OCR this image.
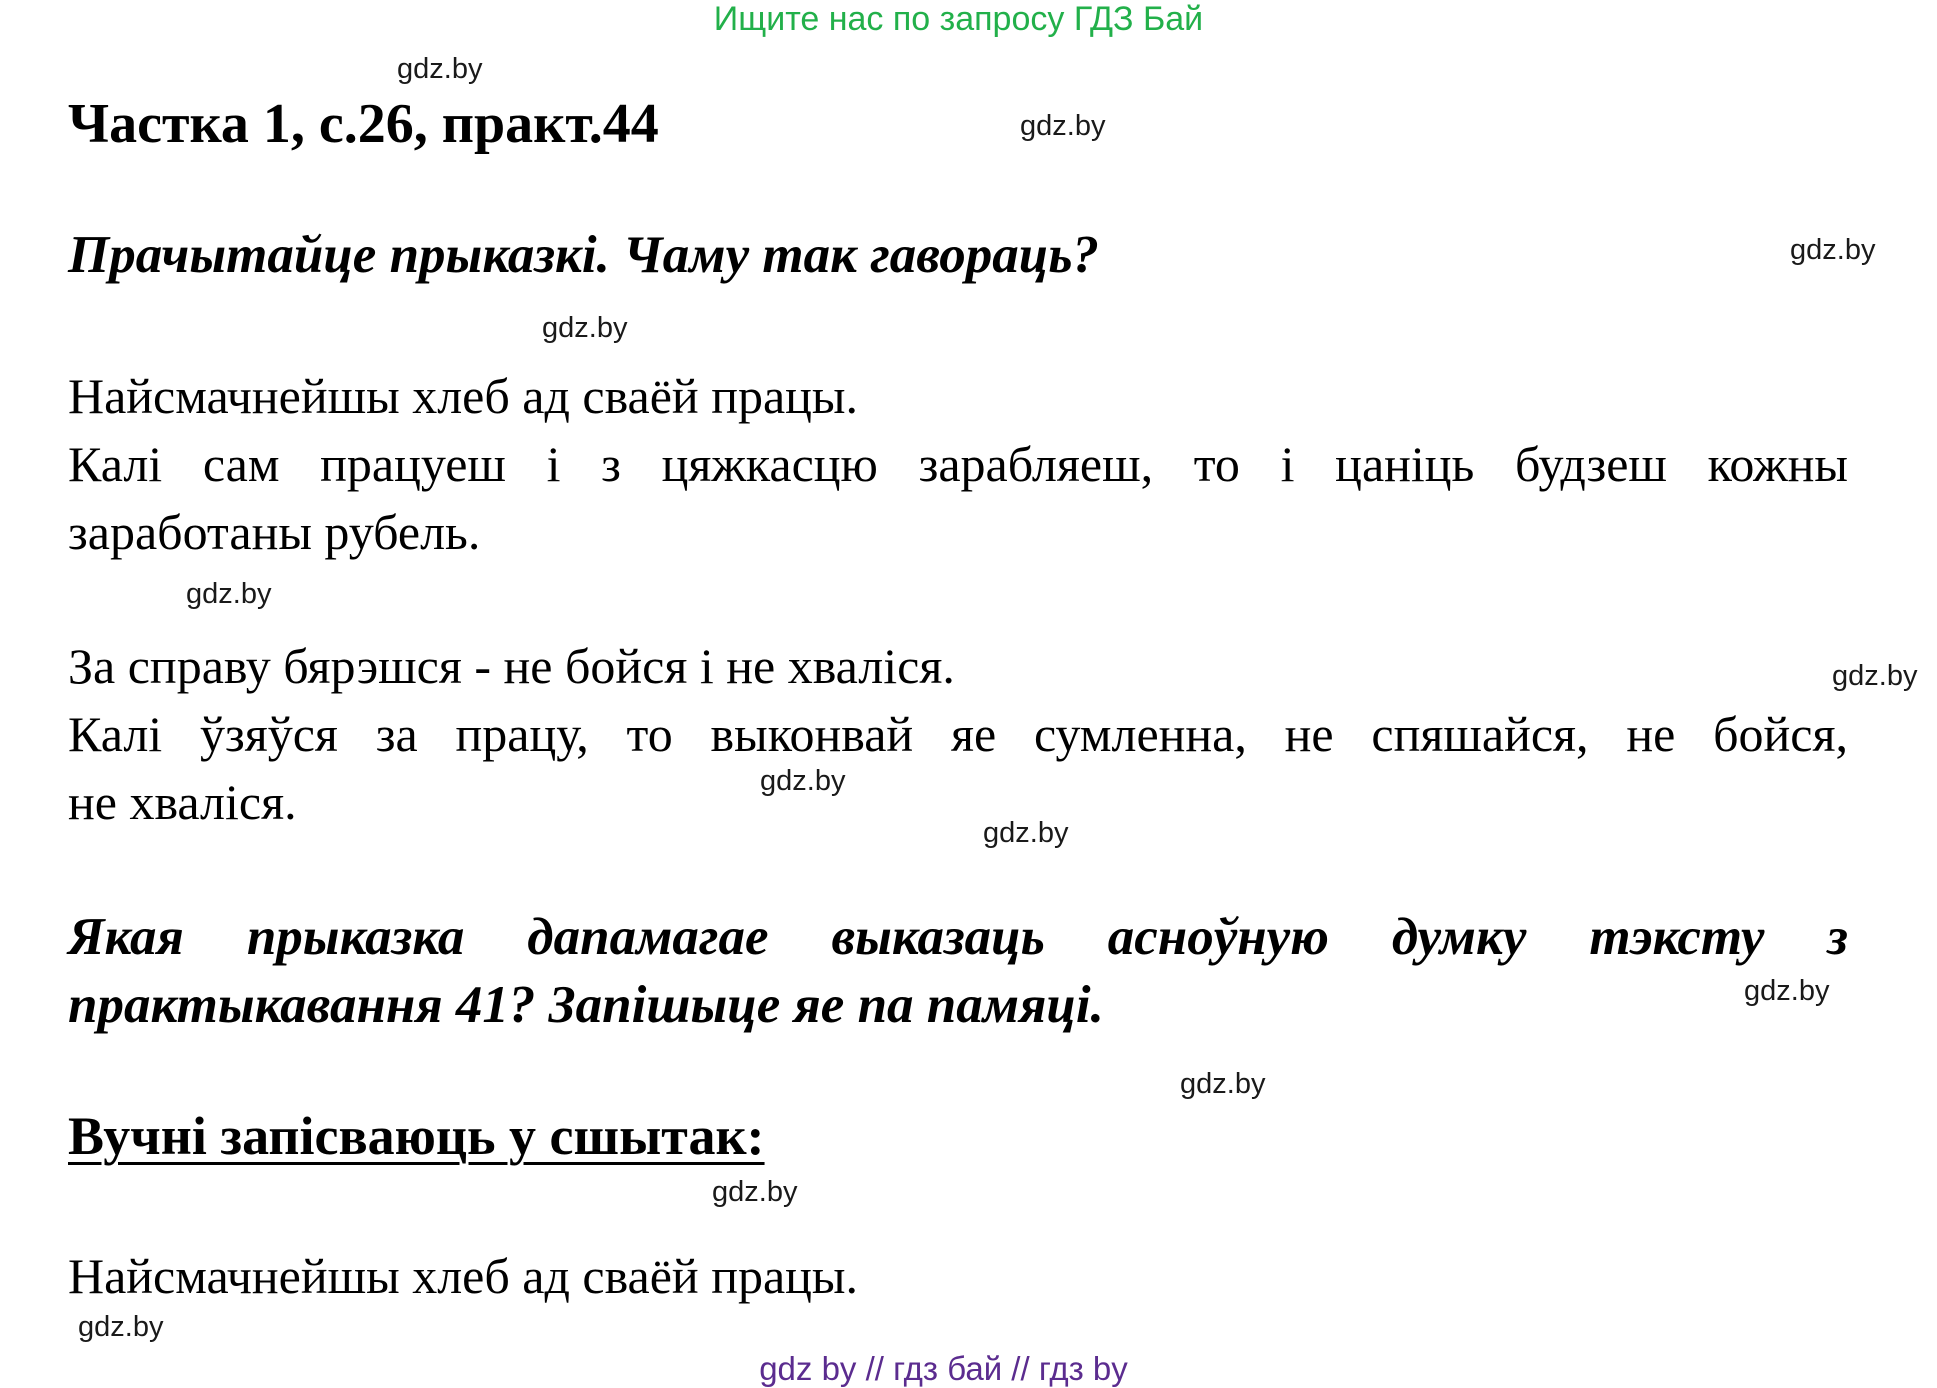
Ищите нас по запросу ГДЗ Бай
Частка 1, с.26, практ.44
Прачытайце прыказкі. Чаму так гавораць?
Найсмачнейшы хлеб ад сваёй працы.
Калі сам працуеш і з цяжкасцю зарабляеш, то і цаніць будзеш кожны
заработаны рубель.
За справу бярэшся - не бойся і не хваліся.
Калі ўзяўся за працу, то выконвай яе сумленна, не спяшайся, не бойся,
не хваліся.
Якая прыказка дапамагае выказаць асноўную думку тэксту з
практыкавання 41? Запішыце яе па памяці.
Вучні запісваюць у сшытак:
Найсмачнейшы хлеб ад сваёй працы.
gdz.by
gdz.by
gdz.by
gdz.by
gdz.by
gdz.by
gdz.by
gdz.by
gdz.by
gdz.by
gdz.by
gdz.by
gdz by // гдз бай // гдз by
